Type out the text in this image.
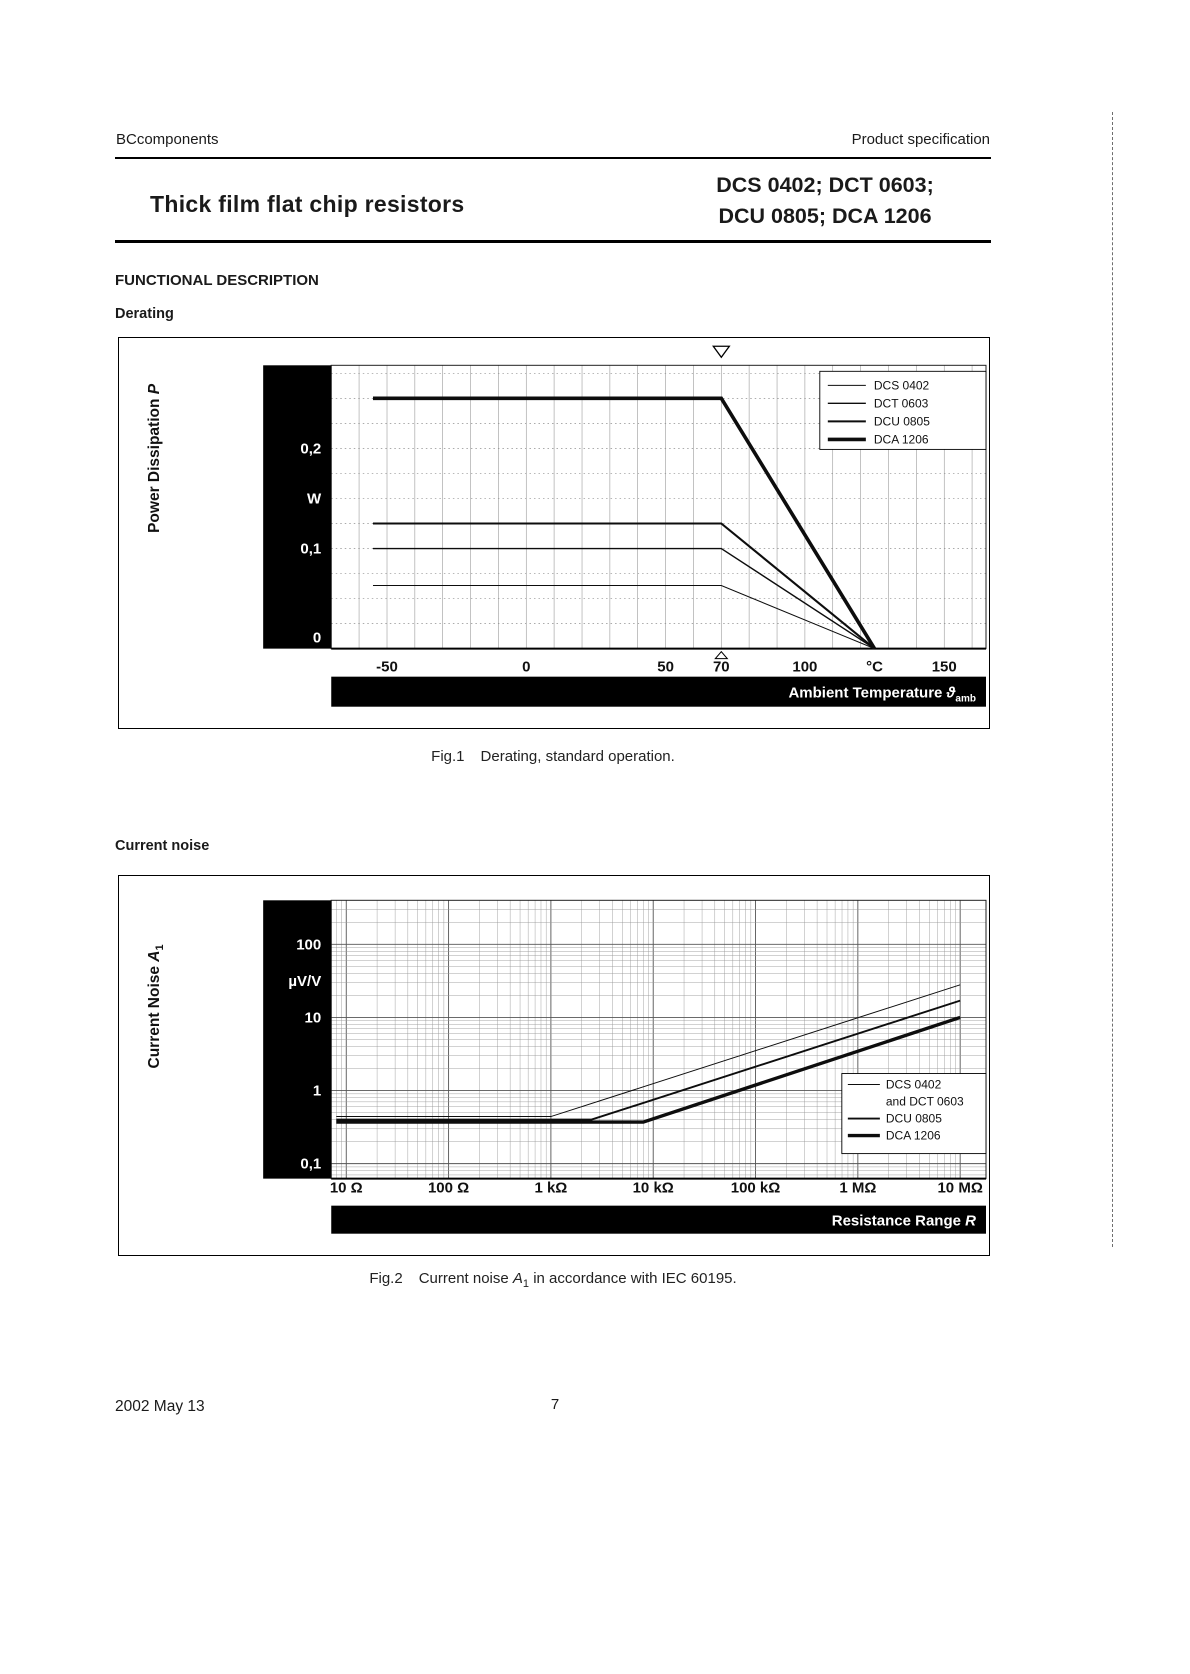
BCcomponents	Product specification
Thick film flat chip resistors
DCS 0402; DCT 0603;
DCU 0805; DCA 1206
FUNCTIONAL DESCRIPTION
Derating
0,2
W
0,1
0
-50	0	50	70	100	150
°C
Ambient Temperature $ϑ_{amb}$
DCS 0402
DCT 0603
DCU 0805
DCA 1206
Power Dissipation P
Fig.1 Derating, standard operation.
Current noise
100
µV/V
10
1
0,1
10 Ω	100 Ω	1 kΩ	10 kΩ	100 kΩ	1 MΩ	10 MΩ
Resistance Range R
DCS 0402
and DCT 0603
DCU 0805
DCA 1206
Current Noise $A_1$
Fig.2 Current noise $A_1$ in accordance with IEC 60195.
2002 May 13	7
